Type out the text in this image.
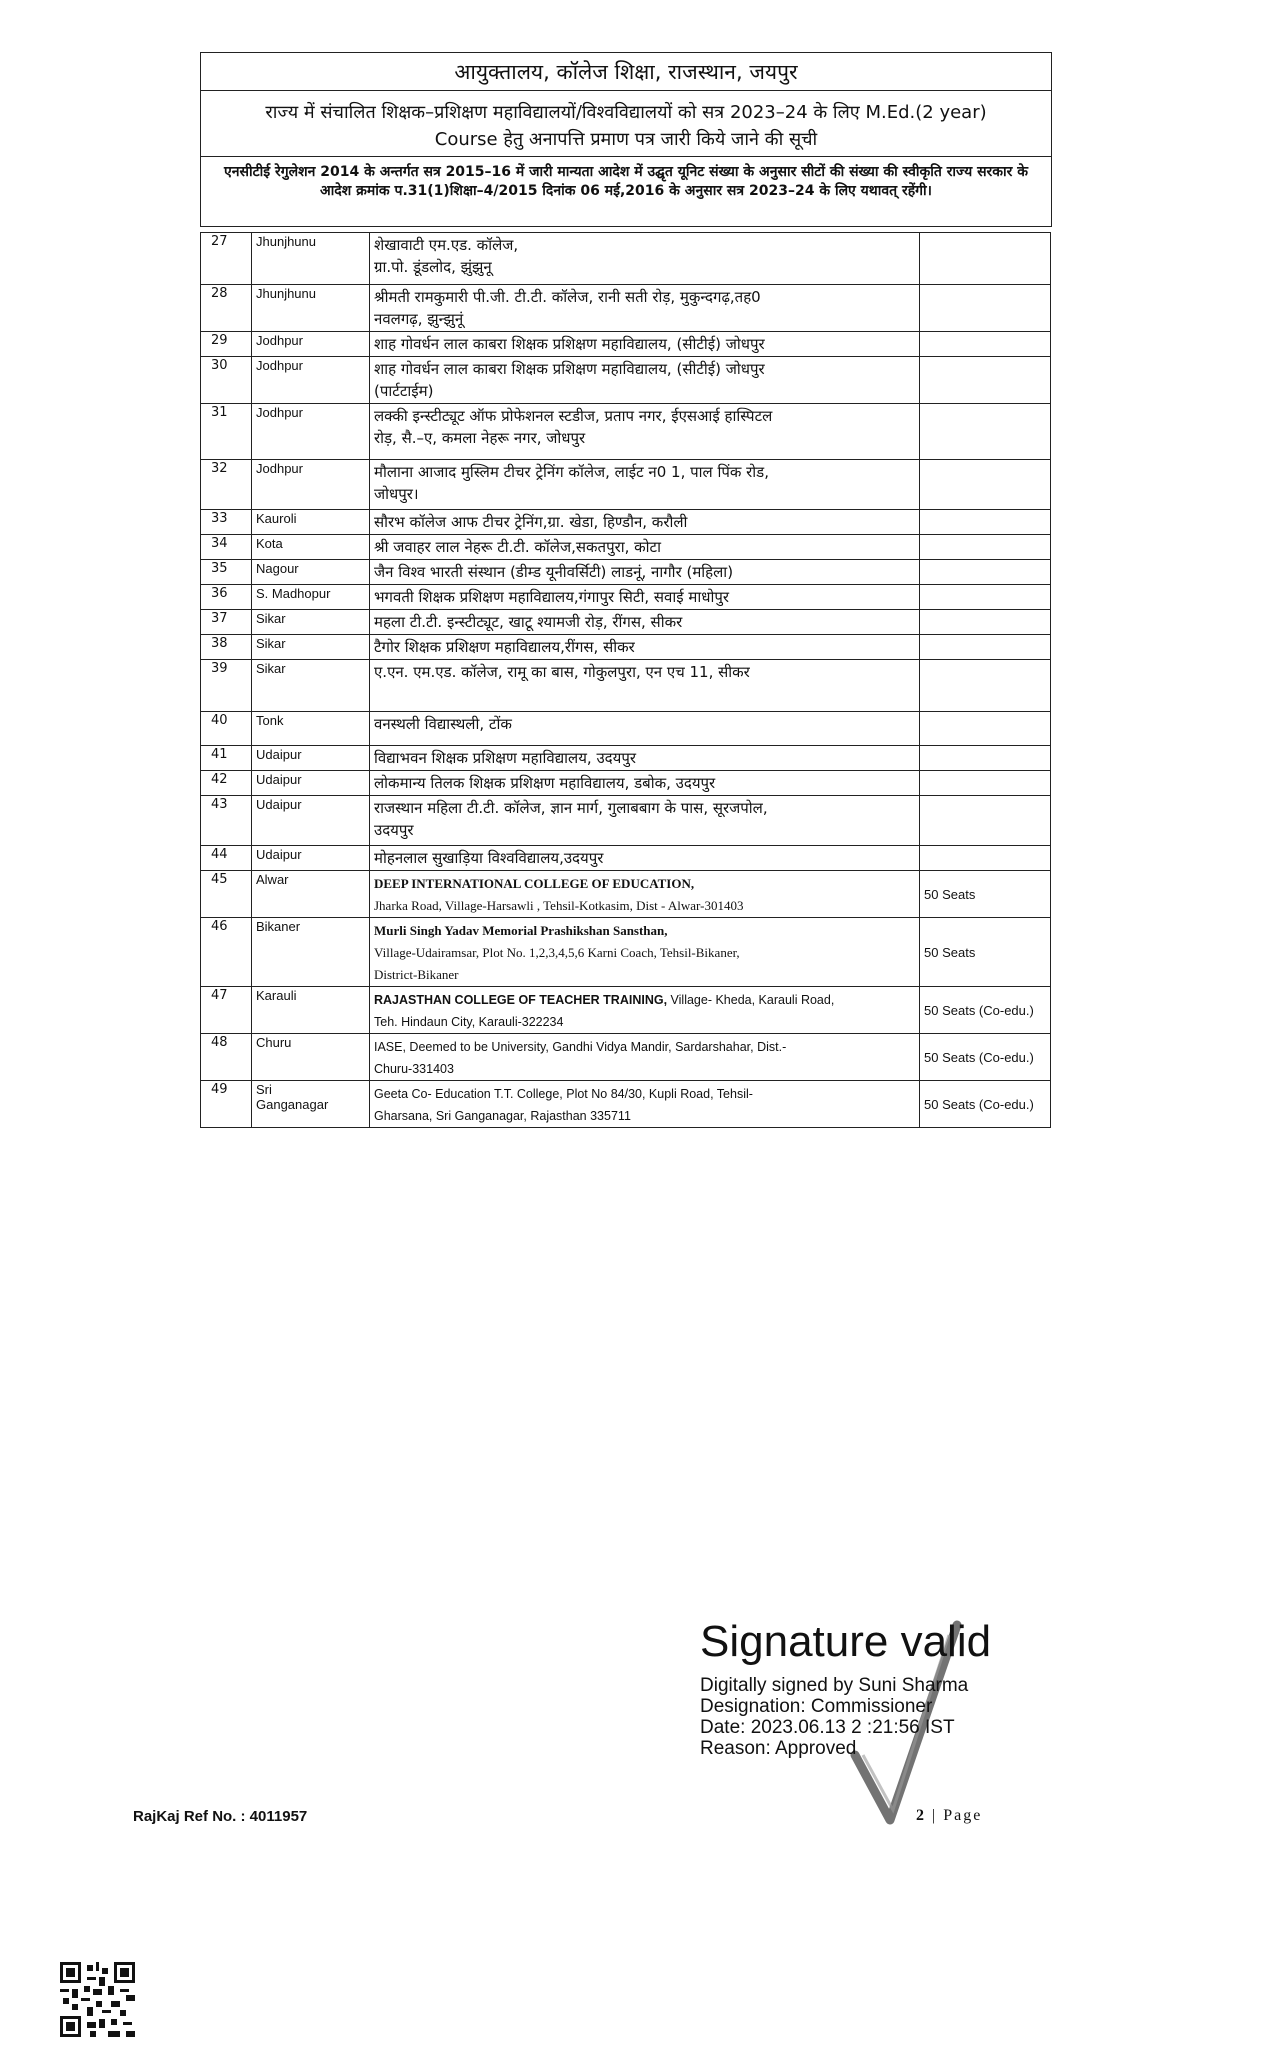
आयुक्तालय, कॉलेज शिक्षा, राजस्थान, जयपुर
राज्य में संचालित शिक्षक–प्रशिक्षण महाविद्यालयों/विश्वविद्यालयों को सत्र 2023–24 के लिए M.Ed.(2 year)
Course हेतु अनापत्ति प्रमाण पत्र जारी किये जाने की सूची
एनसीटीई रेगुलेशन 2014 के अन्तर्गत सत्र 2015–16 में जारी मान्यता आदेश में उद्घृत यूनिट संख्या के अनुसार सीटों की संख्या की स्वीकृति राज्य सरकार के आदेश क्रमांक प.31(1)शिक्षा–4/2015 दिनांक 06 मई,2016 के अनुसार सत्र 2023–24 के लिए यथावत् रहेंगी।
27	Jhunjhunu	शेखावाटी एम.एड. कॉलेज,
ग्रा.पो. डूंडलोद, झुंझुनू	
28	Jhunjhunu	श्रीमती रामकुमारी पी.जी. टी.टी. कॉलेज, रानी सती रोड़, मुकुन्दगढ़,तह0
नवलगढ़, झुन्झुनूं	
29	Jodhpur	शाह गोवर्धन लाल काबरा शिक्षक प्रशिक्षण महाविद्यालय, (सीटीई) जोधपुर	
30	Jodhpur	शाह गोवर्धन लाल काबरा शिक्षक प्रशिक्षण महाविद्यालय, (सीटीई) जोधपुर
(पार्टटाईम)	
31	Jodhpur	लक्की इन्स्टीट्यूट ऑफ प्रोफेशनल स्टडीज, प्रताप नगर, ईएसआई हास्पिटल
रोड़, सै.–ए, कमला नेहरू नगर, जोधपुर	
32	Jodhpur	मौलाना आजाद मुस्लिम टीचर ट्रेनिंग कॉलेज, लाईट न0 1, पाल पिंक रोड,
जोधपुर।	
33	Kauroli	सौरभ कॉलेज आफ टीचर ट्रेनिंग,ग्रा. खेडा, हिण्डौन, करौली	
34	Kota	श्री जवाहर लाल नेहरू टी.टी. कॉलेज,सकतपुरा, कोटा	
35	Nagour	जैन विश्व भारती संस्थान (डीम्ड यूनीवर्सिटी) लाडनूं, नागौर (महिला)	
36	S. Madhopur	भगवती शिक्षक प्रशिक्षण महाविद्यालय,गंगापुर सिटी, सवाई माधोपुर	
37	Sikar	महला टी.टी. इन्स्टीट्यूट, खाटू श्यामजी रोड़, रींगस, सीकर	
38	Sikar	टैगोर शिक्षक प्रशिक्षण महाविद्यालय,रींगस, सीकर	
39	Sikar	ए.एन. एम.एड. कॉलेज, रामू का बास, गोकुलपुरा, एन एच 11, सीकर	
40	Tonk	वनस्थली विद्यास्थली, टोंक	
41	Udaipur	विद्याभवन शिक्षक प्रशिक्षण महाविद्यालय, उदयपुर	
42	Udaipur	लोकमान्य तिलक शिक्षक प्रशिक्षण महाविद्यालय, डबोक, उदयपुर	
43	Udaipur	राजस्थान महिला टी.टी. कॉलेज, ज्ञान मार्ग, गुलाबबाग के पास, सूरजपोल,
उदयपुर	
44	Udaipur	मोहनलाल सुखाड़िया विश्वविद्यालय,उदयपुर	
45	Alwar	DEEP INTERNATIONAL COLLEGE OF EDUCATION,
Jharka Road, Village-Harsawli , Tehsil-Kotkasim, Dist - Alwar-301403	50 Seats
46	Bikaner	Murli Singh Yadav Memorial Prashikshan Sansthan,
Village-Udairamsar, Plot No. 1,2,3,4,5,6 Karni Coach, Tehsil-Bikaner,
District-Bikaner	50 Seats
47	Karauli	RAJASTHAN COLLEGE OF TEACHER TRAINING, Village- Kheda, Karauli Road,
Teh. Hindaun City, Karauli-322234	50 Seats (Co-edu.)
48	Churu	IASE, Deemed to be University, Gandhi Vidya Mandir, Sardarshahar, Dist.-
Churu-331403	50 Seats (Co-edu.)
49	Sri
Ganganagar	Geeta Co- Education T.T. College, Plot No 84/30, Kupli Road, Tehsil-
Gharsana, Sri Ganganagar, Rajasthan 335711	50 Seats (Co-edu.)
Signature valid
Digitally signed by Suni Sharma
Designation: Commissioner
Date: 2023.06.13 2 :21:56 IST
Reason: Approved
RajKaj Ref No. : 4011957	2 | Page
